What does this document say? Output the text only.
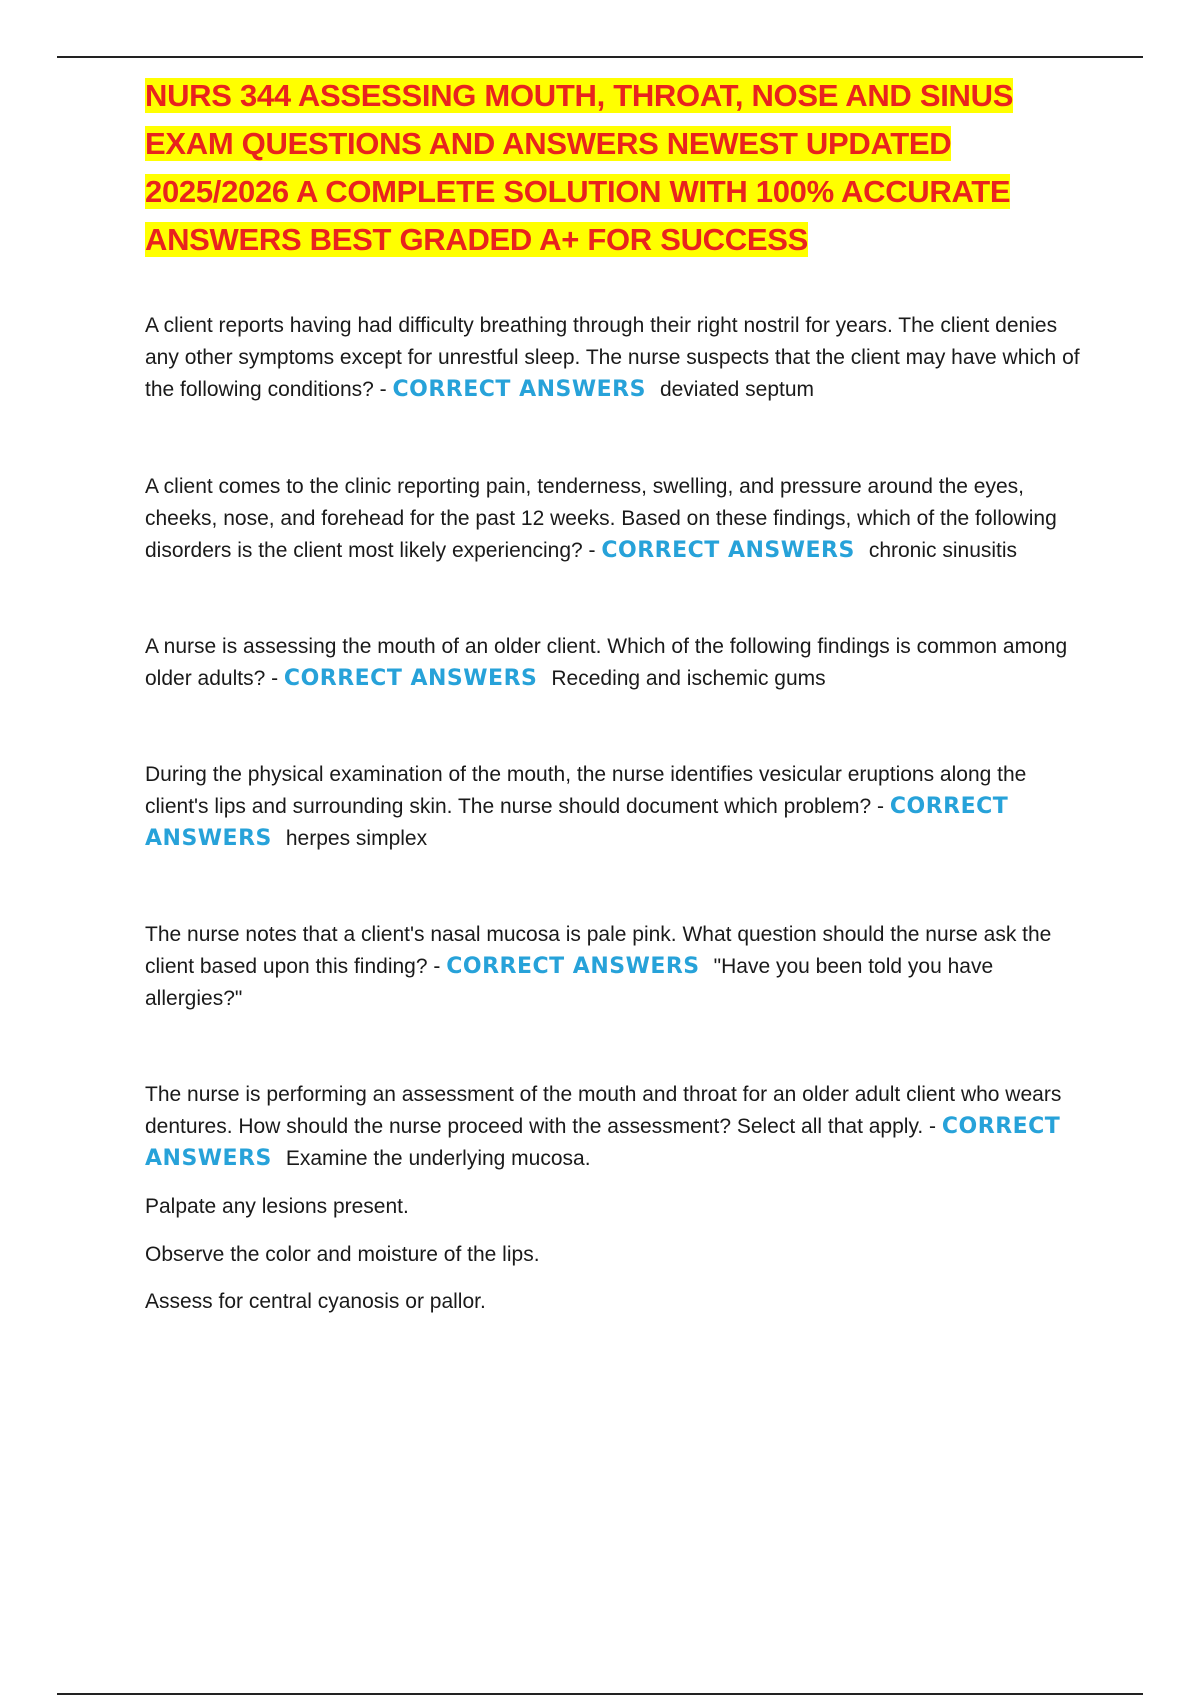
NURS 344 ASSESSING MOUTH, THROAT, NOSE AND SINUS EXAM QUESTIONS AND ANSWERS NEWEST UPDATED 2025/2026 A COMPLETE SOLUTION WITH 100% ACCURATE ANSWERS BEST GRADED A+ FOR SUCCESS

A client reports having had difficulty breathing through their right nostril for years. The client denies any other symptoms except for unrestful sleep. The nurse suspects that the client may have which of the following conditions? - CORRECT ANSWERS deviated septum

A client comes to the clinic reporting pain, tenderness, swelling, and pressure around the eyes, cheeks, nose, and forehead for the past 12 weeks. Based on these findings, which of the following disorders is the client most likely experiencing? - CORRECT ANSWERS chronic sinusitis

A nurse is assessing the mouth of an older client. Which of the following findings is common among older adults? - CORRECT ANSWERS Receding and ischemic gums

During the physical examination of the mouth, the nurse identifies vesicular eruptions along the client's lips and surrounding skin. The nurse should document which problem? - CORRECT ANSWERS herpes simplex

The nurse notes that a client's nasal mucosa is pale pink. What question should the nurse ask the client based upon this finding? - CORRECT ANSWERS "Have you been told you have allergies?"

The nurse is performing an assessment of the mouth and throat for an older adult client who wears dentures. How should the nurse proceed with the assessment? Select all that apply. - CORRECT ANSWERS Examine the underlying mucosa.

Palpate any lesions present.

Observe the color and moisture of the lips.

Assess for central cyanosis or pallor.
